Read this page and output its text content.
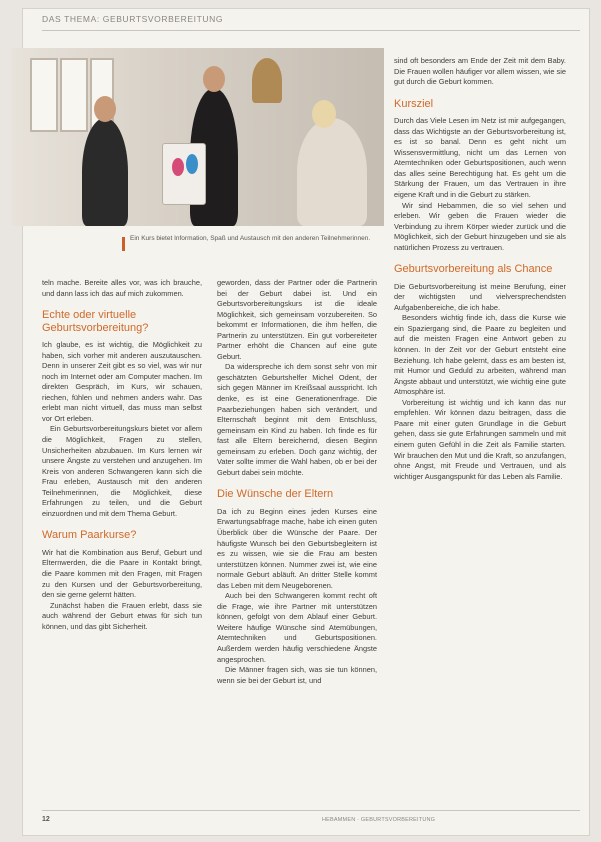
DAS THEMA: GEBURTSVORBEREITUNG
Ein Kurs bietet Information, Spaß und Austausch mit den anderen Teilnehmerinnen.

teln mache. Bereite alles vor, was ich brauche, und dann lass ich das auf mich zukommen.

Echte oder virtuelle Geburtsvorbereitung?

Ich glaube, es ist wichtig, die Möglichkeit zu haben, sich vorher mit anderen auszutauschen. Denn in unserer Zeit gibt es so viel, was wir nur noch im Internet oder am Computer machen. Im direkten Gespräch, im Kurs, wir schauen, riechen, fühlen und nehmen anders wahr. Das erlebt man nicht virtuell, das muss man selbst vor Ort erleben.

Ein Geburtsvorbereitungskurs bietet vor allem die Möglichkeit, Fragen zu stellen, Unsicherheiten abzubauen. Im Kurs lernen wir unsere Ängste zu verstehen und anzugehen. Im Kreis von anderen Schwangeren kann sich die Frau erleben, Austausch mit den anderen Teilnehmerinnen, die Möglichkeit, diese Erfahrungen zu teilen, und die Geburt einzuordnen und mit dem Thema Geburt.

Warum Paarkurse?

Wir hat die Kombination aus Beruf, Geburt und Elternwerden, die die Paare in Kontakt bringt, die Paare kommen mit den Fragen, mit Fragen zu den Kursen und der Geburtsvorbereitung, den sie gerne gelernt hätten.

Zunächst haben die Frauen erlebt, dass sie auch während der Geburt etwas für sich tun können, und das gibt Sicherheit.

geworden, dass der Partner oder die Partnerin bei der Geburt dabei ist. Und ein Geburtsvorbereitungskurs ist die ideale Möglichkeit, sich gemeinsam vorzubereiten. So bekommt er Informationen, die ihm helfen, die Partnerin zu unterstützen. Ein gut vorbereiteter Partner erhöht die Chancen auf eine gute Geburt.

Da widerspreche ich dem sonst sehr von mir geschätzten Geburtshelfer Michel Odent, der sich gegen Männer im Kreißsaal ausspricht. Ich denke, es ist eine Generationenfrage. Die Paarbeziehungen haben sich verändert, und Elternschaft beginnt mit dem Entschluss, gemeinsam ein Kind zu haben. Ich finde es für fast alle Eltern bereichernd, diesen Beginn gemeinsam zu erleben. Doch ganz wichtig, der Vater sollte immer die Wahl haben, ob er bei der Geburt dabei sein möchte.

Die Wünsche der Eltern

Da ich zu Beginn eines jeden Kurses eine Erwartungsabfrage mache, habe ich einen guten Überblick über die Wünsche der Paare. Der häufigste Wunsch bei den Geburtsbegleitern ist es zu wissen, wie sie die Frau am besten unterstützen können. Nummer zwei ist, wie eine normale Geburt abläuft. An dritter Stelle kommt das Leben mit dem Neugeborenen.

Auch bei den Schwangeren kommt recht oft die Frage, wie ihre Partner mit unterstützen können, gefolgt von dem Ablauf einer Geburt. Weitere häufige Wünsche sind Atemübungen, Atemtechniken und Geburtspositionen. Außerdem werden häufig verschiedene Ängste angesprochen.

Die Männer fragen sich, was sie tun können, wenn sie bei der Geburt ist, und

sind oft besonders am Ende der Zeit mit dem Baby. Die Frauen wollen häufiger vor allem wissen, wie sie gut durch die Geburt kommen.

Kursziel

Durch das Viele Lesen im Netz ist mir aufgegangen, dass das Wichtigste an der Geburtsvorbereitung ist, es ist so banal. Denn es geht nicht um Wissensvermittlung, nicht um das Lernen von Atemtechniken oder Geburtspositionen, auch wenn das alles seine Berechtigung hat. Es geht um die Stärkung der Frauen, um das Vertrauen in ihre eigene Kraft und in die Geburt zu stärken.

Wir sind Hebammen, die so viel sehen und erleben. Wir geben die Frauen wieder die Verbindung zu ihrem Körper wieder zurück und die Möglichkeit, sich der Geburt hinzugeben und sie als natürlichen Prozess zu vertrauen.

Geburtsvorbereitung als Chance

Die Geburtsvorbereitung ist meine Berufung, einer der wichtigsten und vielversprechendsten Aufgabenbereiche, die ich habe.

Besonders wichtig finde ich, dass die Kurse wie ein Spaziergang sind, die Paare zu begleiten und auf die meisten Fragen eine Antwort geben zu können. In der Zeit vor der Geburt entsteht eine Beziehung. Ich habe gelernt, dass es am besten ist, mit Humor und Geduld zu arbeiten, während man Ängste abbaut und unterstützt, wie wichtig eine gute Atmosphäre ist.

Vorbereitung ist wichtig und ich kann das nur empfehlen. Wir können dazu beitragen, dass die Paare mit einer guten Grundlage in die Geburt gehen, dass sie gute Erfahrungen sammeln und mit einem guten Gefühl in die Zeit als Familie starten. Wir brauchen den Mut und die Kraft, so anzufangen, ohne Angst, mit Freude und Vertrauen, und als wichtiger Ausgangspunkt für das Leben als Familie.

12	HEBAMMEN · GEBURTSVORBEREITUNG
